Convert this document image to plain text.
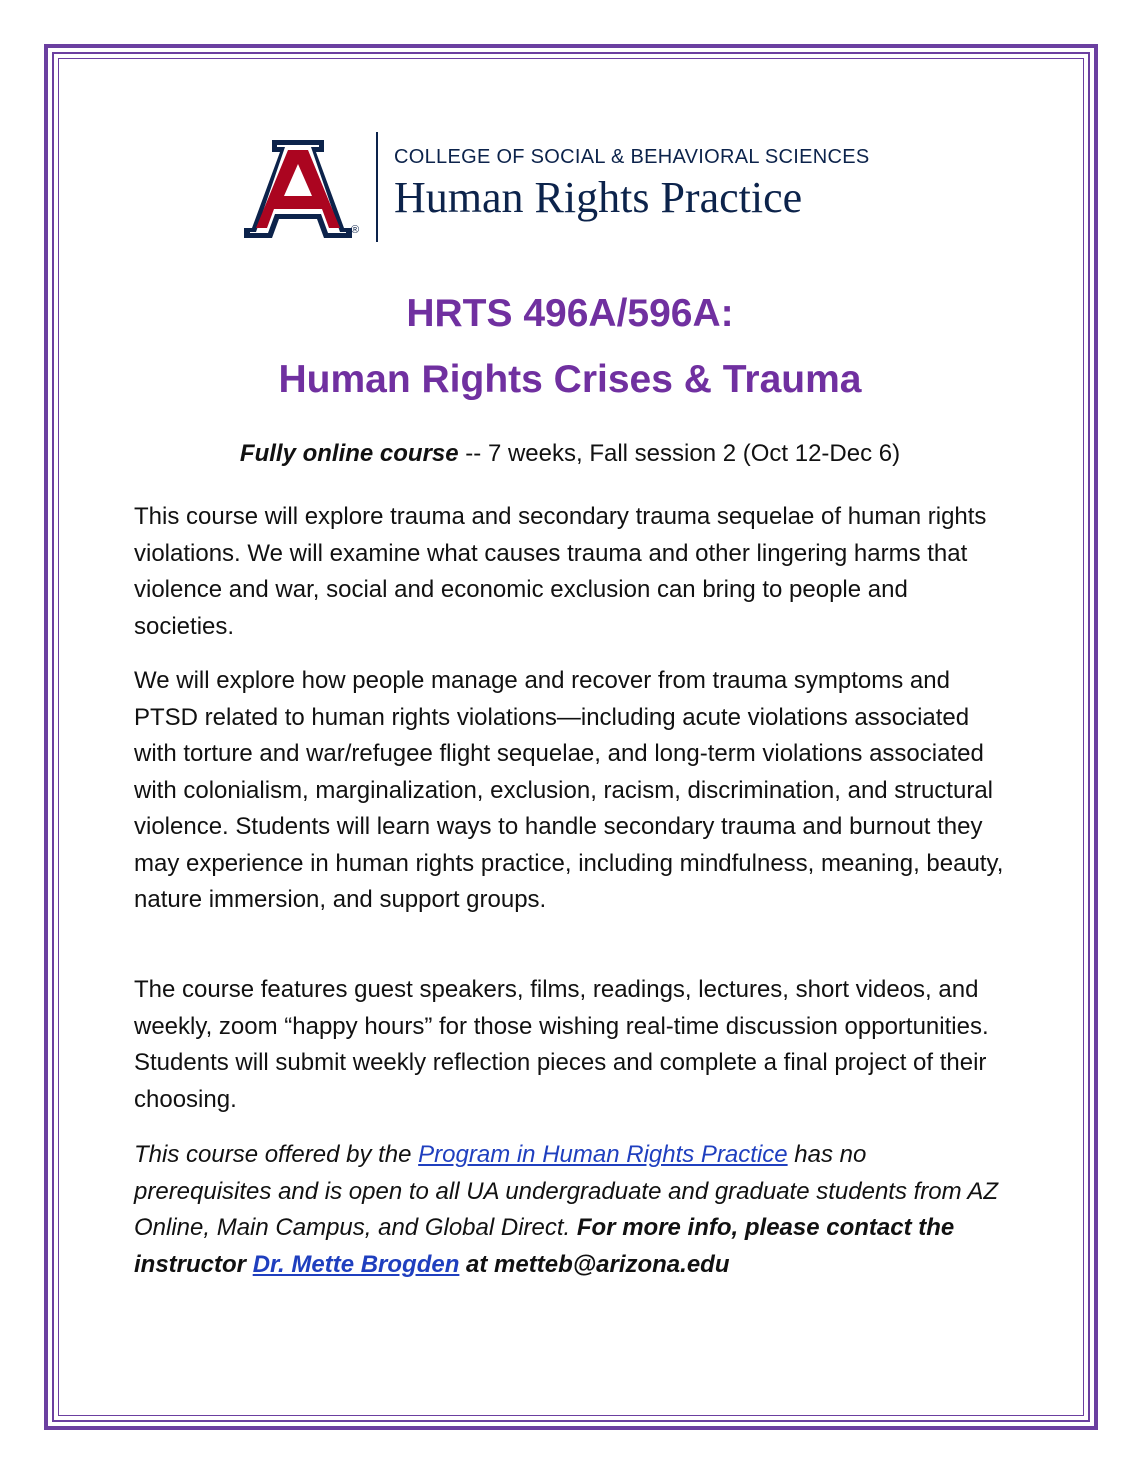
®
COLLEGE OF SOCIAL & BEHAVIORAL SCIENCES
Human Rights Practice
HRTS 496A/596A:
Human Rights Crises & Trauma
Fully online course -- 7 weeks, Fall session 2 (Oct 12-Dec 6)

This course will explore trauma and secondary trauma sequelae of human rights violations. We will examine what causes trauma and other lingering harms that violence and war, social and economic exclusion can bring to people and societies.

We will explore how people manage and recover from trauma symptoms and PTSD related to human rights violations—including acute violations associated with torture and war/refugee flight sequelae, and long-term violations associated with colonialism, marginalization, exclusion, racism, discrimination, and structural violence. Students will learn ways to handle secondary trauma and burnout they may experience in human rights practice, including mindfulness, meaning, beauty, nature immersion, and support groups.

The course features guest speakers, films, readings, lectures, short videos, and weekly, zoom “happy hours” for those wishing real-time discussion opportunities. Students will submit weekly reflection pieces and complete a final project of their choosing.

This course offered by the Program in Human Rights Practice has no prerequisites and is open to all UA undergraduate and graduate students from AZ Online, Main Campus, and Global Direct. For more info, please contact the instructor Dr. Mette Brogden at metteb@arizona.edu
